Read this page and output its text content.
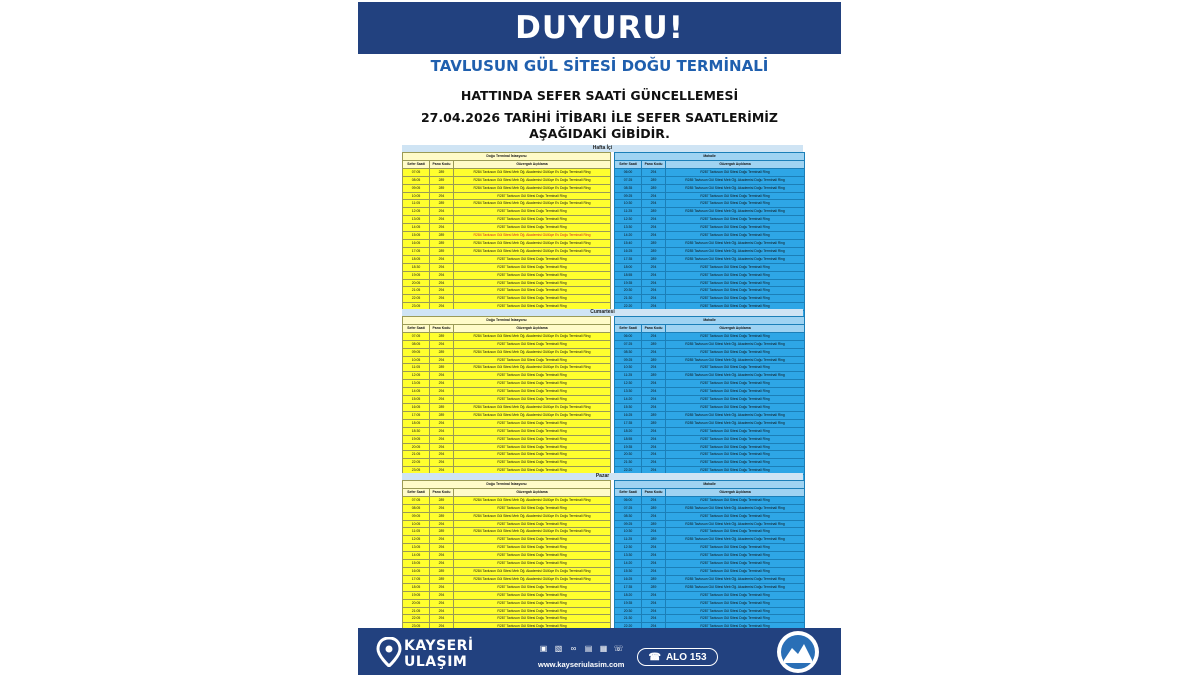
DUYURU!
TAVLUSUN GÜL SİTESİ DOĞU TERMİNALİ
HATTINDA SEFER SAATİ GÜNCELLEMESİ
27.04.2026 TARİHİ İTİBARI İLE SEFER SAATLERİMİZ
AŞAĞIDAKİ GİBİDİR.
Hafta İçi
Doğu Terminal İstasyonu		
Sefer Saati	Pano Kodu	Güzergah Açıklama
07:05	289	R284 Tavlusun Gül Sitesi Meb Öğ. Akademisi Güllüçe Ev Doğu Terminali Ring
08:05	289	R284 Tavlusun Gül Sitesi Meb Öğ. Akademisi Güllüçe Ev Doğu Terminali Ring
09:05	289	R284 Tavlusun Gül Sitesi Meb Öğ. Akademisi Güllüçe Ev Doğu Terminali Ring
10:05	294	R287 Tavlusun Gül Sitesi Doğu Terminali Ring
11:05	289	R284 Tavlusun Gül Sitesi Meb Öğ. Akademisi Güllüçe Ev Doğu Terminali Ring
12:05	294	R287 Tavlusun Gül Sitesi Doğu Terminali Ring
13:05	294	R287 Tavlusun Gül Sitesi Doğu Terminali Ring
14:05	294	R287 Tavlusun Gül Sitesi Doğu Terminali Ring
15:05	289	R284 Tavlusun Gül Sitesi Meb Öğ. Akademisi Güllüçe Ev Doğu Terminali Ring
16:05	289	R284 Tavlusun Gül Sitesi Meb Öğ. Akademisi Güllüçe Ev Doğu Terminali Ring
17:05	289	R284 Tavlusun Gül Sitesi Meb Öğ. Akademisi Güllüçe Ev Doğu Terminali Ring
18:05	294	R287 Tavlusun Gül Sitesi Doğu Terminali Ring
18:30	294	R287 Tavlusun Gül Sitesi Doğu Terminali Ring
19:05	294	R287 Tavlusun Gül Sitesi Doğu Terminali Ring
20:05	294	R287 Tavlusun Gül Sitesi Doğu Terminali Ring
21:05	294	R287 Tavlusun Gül Sitesi Doğu Terminali Ring
22:05	294	R287 Tavlusun Gül Sitesi Doğu Terminali Ring
23:05	294	R287 Tavlusun Gül Sitesi Doğu Terminali Ring

Mahalle		
Sefer Saati	Pano Kodu	Güzergah Açıklama
06:00	294	R287 Tavlusun Gül Sitesi Doğu Terminali Ring
07:25	289	R285 Tavlusun Gül Sitesi Meb Öğ. Akademisi Doğu Terminali Ring
08:35	289	R285 Tavlusun Gül Sitesi Meb Öğ. Akademisi Doğu Terminali Ring
09:25	294	R287 Tavlusun Gül Sitesi Doğu Terminali Ring
10:30	294	R287 Tavlusun Gül Sitesi Doğu Terminali Ring
11:25	289	R285 Tavlusun Gül Sitesi Meb Öğ. Akademisi Doğu Terminali Ring
12:30	294	R287 Tavlusun Gül Sitesi Doğu Terminali Ring
13:30	294	R287 Tavlusun Gül Sitesi Doğu Terminali Ring
14:20	294	R287 Tavlusun Gül Sitesi Doğu Terminali Ring
15:40	289	R285 Tavlusun Gül Sitesi Meb Öğ. Akademisi Doğu Terminali Ring
16:25	289	R285 Tavlusun Gül Sitesi Meb Öğ. Akademisi Doğu Terminali Ring
17:35	289	R285 Tavlusun Gül Sitesi Meb Öğ. Akademisi Doğu Terminali Ring
18:00	294	R287 Tavlusun Gül Sitesi Doğu Terminali Ring
18:55	294	R287 Tavlusun Gül Sitesi Doğu Terminali Ring
19:35	294	R287 Tavlusun Gül Sitesi Doğu Terminali Ring
20:30	294	R287 Tavlusun Gül Sitesi Doğu Terminali Ring
21:30	294	R287 Tavlusun Gül Sitesi Doğu Terminali Ring
22:20	294	R287 Tavlusun Gül Sitesi Doğu Terminali Ring

Cumartesi
Doğu Terminal İstasyonu		
Sefer Saati	Pano Kodu	Güzergah Açıklama
07:05	289	R284 Tavlusun Gül Sitesi Meb Öğ. Akademisi Güllüçe Ev Doğu Terminali Ring
08:05	294	R287 Tavlusun Gül Sitesi Doğu Terminali Ring
09:05	289	R284 Tavlusun Gül Sitesi Meb Öğ. Akademisi Güllüçe Ev Doğu Terminali Ring
10:05	294	R287 Tavlusun Gül Sitesi Doğu Terminali Ring
11:05	289	R284 Tavlusun Gül Sitesi Meb Öğ. Akademisi Güllüçe Ev Doğu Terminali Ring
12:05	294	R287 Tavlusun Gül Sitesi Doğu Terminali Ring
13:05	294	R287 Tavlusun Gül Sitesi Doğu Terminali Ring
14:05	294	R287 Tavlusun Gül Sitesi Doğu Terminali Ring
15:05	294	R287 Tavlusun Gül Sitesi Doğu Terminali Ring
16:05	289	R284 Tavlusun Gül Sitesi Meb Öğ. Akademisi Güllüçe Ev Doğu Terminali Ring
17:05	289	R284 Tavlusun Gül Sitesi Meb Öğ. Akademisi Güllüçe Ev Doğu Terminali Ring
18:05	294	R287 Tavlusun Gül Sitesi Doğu Terminali Ring
18:30	294	R287 Tavlusun Gül Sitesi Doğu Terminali Ring
19:05	294	R287 Tavlusun Gül Sitesi Doğu Terminali Ring
20:05	294	R287 Tavlusun Gül Sitesi Doğu Terminali Ring
21:05	294	R287 Tavlusun Gül Sitesi Doğu Terminali Ring
22:05	294	R287 Tavlusun Gül Sitesi Doğu Terminali Ring
23:05	294	R287 Tavlusun Gül Sitesi Doğu Terminali Ring

Mahalle		
Sefer Saati	Pano Kodu	Güzergah Açıklama
06:00	294	R287 Tavlusun Gül Sitesi Doğu Terminali Ring
07:25	289	R285 Tavlusun Gül Sitesi Meb Öğ. Akademisi Doğu Terminali Ring
08:30	294	R287 Tavlusun Gül Sitesi Doğu Terminali Ring
09:25	289	R285 Tavlusun Gül Sitesi Meb Öğ. Akademisi Doğu Terminali Ring
10:30	294	R287 Tavlusun Gül Sitesi Doğu Terminali Ring
11:25	289	R285 Tavlusun Gül Sitesi Meb Öğ. Akademisi Doğu Terminali Ring
12:30	294	R287 Tavlusun Gül Sitesi Doğu Terminali Ring
13:30	294	R287 Tavlusun Gül Sitesi Doğu Terminali Ring
14:20	294	R287 Tavlusun Gül Sitesi Doğu Terminali Ring
15:30	294	R287 Tavlusun Gül Sitesi Doğu Terminali Ring
16:25	289	R285 Tavlusun Gül Sitesi Meb Öğ. Akademisi Doğu Terminali Ring
17:35	289	R285 Tavlusun Gül Sitesi Meb Öğ. Akademisi Doğu Terminali Ring
18:20	294	R287 Tavlusun Gül Sitesi Doğu Terminali Ring
18:55	294	R287 Tavlusun Gül Sitesi Doğu Terminali Ring
19:35	294	R287 Tavlusun Gül Sitesi Doğu Terminali Ring
20:30	294	R287 Tavlusun Gül Sitesi Doğu Terminali Ring
21:30	294	R287 Tavlusun Gül Sitesi Doğu Terminali Ring
22:20	294	R287 Tavlusun Gül Sitesi Doğu Terminali Ring

Pazar
Doğu Terminal İstasyonu		
Sefer Saati	Pano Kodu	Güzergah Açıklama
07:05	289	R284 Tavlusun Gül Sitesi Meb Öğ. Akademisi Güllüçe Ev Doğu Terminali Ring
08:05	294	R287 Tavlusun Gül Sitesi Doğu Terminali Ring
09:05	289	R284 Tavlusun Gül Sitesi Meb Öğ. Akademisi Güllüçe Ev Doğu Terminali Ring
10:05	294	R287 Tavlusun Gül Sitesi Doğu Terminali Ring
11:05	289	R284 Tavlusun Gül Sitesi Meb Öğ. Akademisi Güllüçe Ev Doğu Terminali Ring
12:05	294	R287 Tavlusun Gül Sitesi Doğu Terminali Ring
13:05	294	R287 Tavlusun Gül Sitesi Doğu Terminali Ring
14:05	294	R287 Tavlusun Gül Sitesi Doğu Terminali Ring
15:05	294	R287 Tavlusun Gül Sitesi Doğu Terminali Ring
16:05	289	R284 Tavlusun Gül Sitesi Meb Öğ. Akademisi Güllüçe Ev Doğu Terminali Ring
17:05	289	R284 Tavlusun Gül Sitesi Meb Öğ. Akademisi Güllüçe Ev Doğu Terminali Ring
18:05	294	R287 Tavlusun Gül Sitesi Doğu Terminali Ring
19:05	294	R287 Tavlusun Gül Sitesi Doğu Terminali Ring
20:05	294	R287 Tavlusun Gül Sitesi Doğu Terminali Ring
21:05	294	R287 Tavlusun Gül Sitesi Doğu Terminali Ring
22:05	294	R287 Tavlusun Gül Sitesi Doğu Terminali Ring
23:05	294	R287 Tavlusun Gül Sitesi Doğu Terminali Ring

Mahalle		
Sefer Saati	Pano Kodu	Güzergah Açıklama
06:00	294	R287 Tavlusun Gül Sitesi Doğu Terminali Ring
07:25	289	R285 Tavlusun Gül Sitesi Meb Öğ. Akademisi Doğu Terminali Ring
08:30	294	R287 Tavlusun Gül Sitesi Doğu Terminali Ring
09:25	289	R285 Tavlusun Gül Sitesi Meb Öğ. Akademisi Doğu Terminali Ring
10:30	294	R287 Tavlusun Gül Sitesi Doğu Terminali Ring
11:25	289	R285 Tavlusun Gül Sitesi Meb Öğ. Akademisi Doğu Terminali Ring
12:30	294	R287 Tavlusun Gül Sitesi Doğu Terminali Ring
13:30	294	R287 Tavlusun Gül Sitesi Doğu Terminali Ring
14:20	294	R287 Tavlusun Gül Sitesi Doğu Terminali Ring
15:30	294	R287 Tavlusun Gül Sitesi Doğu Terminali Ring
16:25	289	R285 Tavlusun Gül Sitesi Meb Öğ. Akademisi Doğu Terminali Ring
17:35	289	R285 Tavlusun Gül Sitesi Meb Öğ. Akademisi Doğu Terminali Ring
18:20	294	R287 Tavlusun Gül Sitesi Doğu Terminali Ring
19:35	294	R287 Tavlusun Gül Sitesi Doğu Terminali Ring
20:30	294	R287 Tavlusun Gül Sitesi Doğu Terminali Ring
21:30	294	R287 Tavlusun Gül Sitesi Doğu Terminali Ring
22:20	294	R287 Tavlusun Gül Sitesi Doğu Terminali Ring

KAYSERİ
ULAŞIM
▣ ▧	∞	▤ ▦ ☏
www.kayseriulasim.com
☎ ALO 153
